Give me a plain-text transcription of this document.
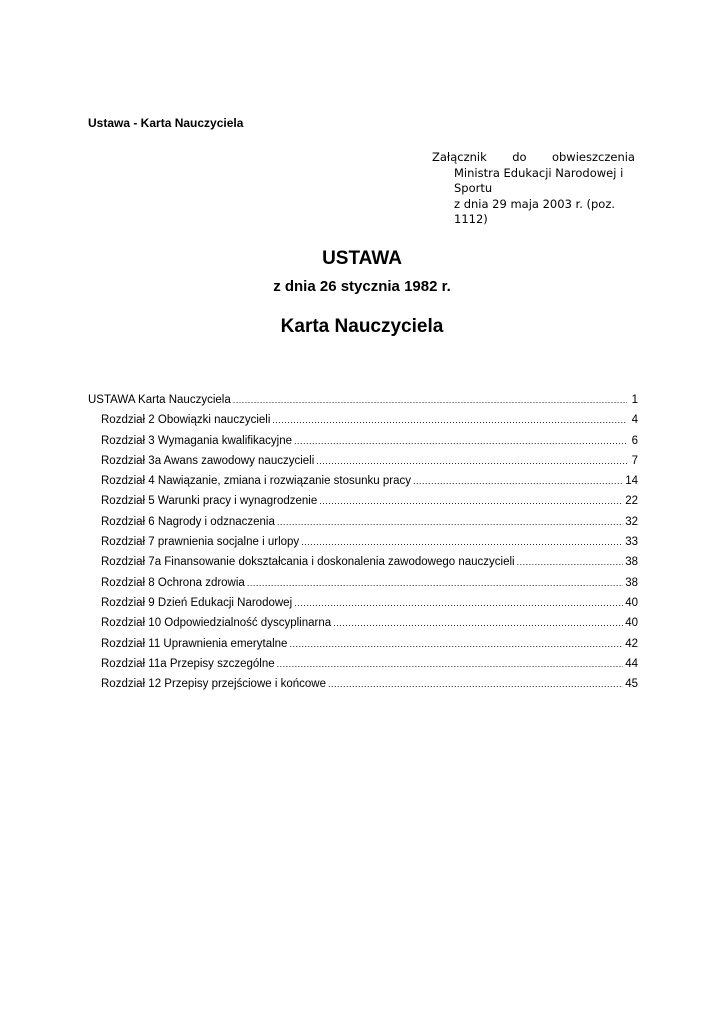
Ustawa - Karta Nauczyciela
Załącznik do obwieszczenia
Ministra Edukacji Narodowej i
Sportu
z dnia 29 maja 2003 r. (poz.
1112)
USTAWA
z dnia 26 stycznia 1982 r.
Karta Nauczyciela
USTAWA Karta Nauczyciela .....	1
Rozdział 2 Obowiązki nauczycieli .....	4
Rozdział 3 Wymagania kwalifikacyjne .....	6
Rozdział 3a Awans zawodowy nauczycieli .....	7
Rozdział 4 Nawiązanie, zmiana i rozwiązanie stosunku pracy .....	14
Rozdział 5 Warunki pracy i wynagrodzenie .....	22
Rozdział 6 Nagrody i odznaczenia .....	32
Rozdział 7 prawnienia socjalne i urlopy .....	33
Rozdział 7a Finansowanie dokształcania i doskonalenia zawodowego nauczycieli .....	38
Rozdział 8 Ochrona zdrowia .....	38
Rozdział 9 Dzień Edukacji Narodowej .....	40
Rozdział 10 Odpowiedzialność dyscyplinarna .....	40
Rozdział 11 Uprawnienia emerytalne .....	42
Rozdział 11a Przepisy szczególne .....	44
Rozdział 12 Przepisy przejściowe i końcowe .....	45
